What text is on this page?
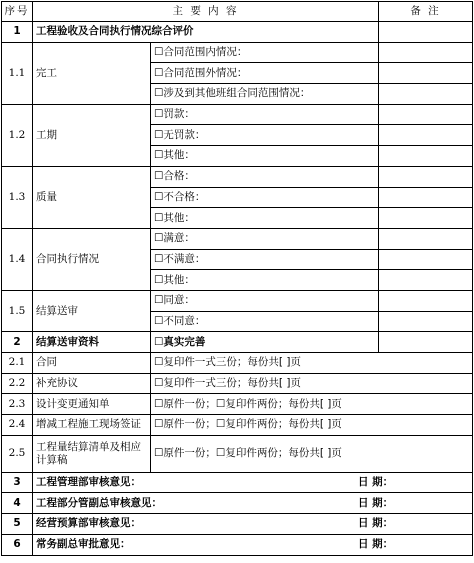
序号	主 要 内 容		备 注
1	工程验收及合同执行情况综合评价		
1.1	完工	☐合同范围内情况：	
		☐合同范围外情况：	
		☐涉及到其他班组合同范围情况：	
1.2	工期	☐罚款：	
		☐无罚款：	
		☐其他：	
1.3	质量	☐合格：	
		☐不合格：	
		☐其他：	
1.4	合同执行情况	☐满意：	
		☐不满意：	
		☐其他：	
1.5	结算送审	☐同意：	
		☐不同意：	
2	结算送审资料	☐真实完善	
2.1	合同	☐复印件一式三份；每份共[ ]页	
2.2	补充协议	☐复印件一式三份；每份共[ ]页	
2.3	设计变更通知单	☐原件一份；☐复印件两份；每份共[ ]页	
2.4	增减工程施工现场签证	☐原件一份；☐复印件两份；每份共[ ]页	
2.5	工程量结算清单及相应计算稿	☐原件一份；☐复印件两份；每份共[ ]页	
3	工程管理部审核意见： 日 期：		

4	工程部分管副总审核意见： 日 期：		

5	经营预算部审核意见： 日 期：		

6	常务副总审批意见： 日 期：		
